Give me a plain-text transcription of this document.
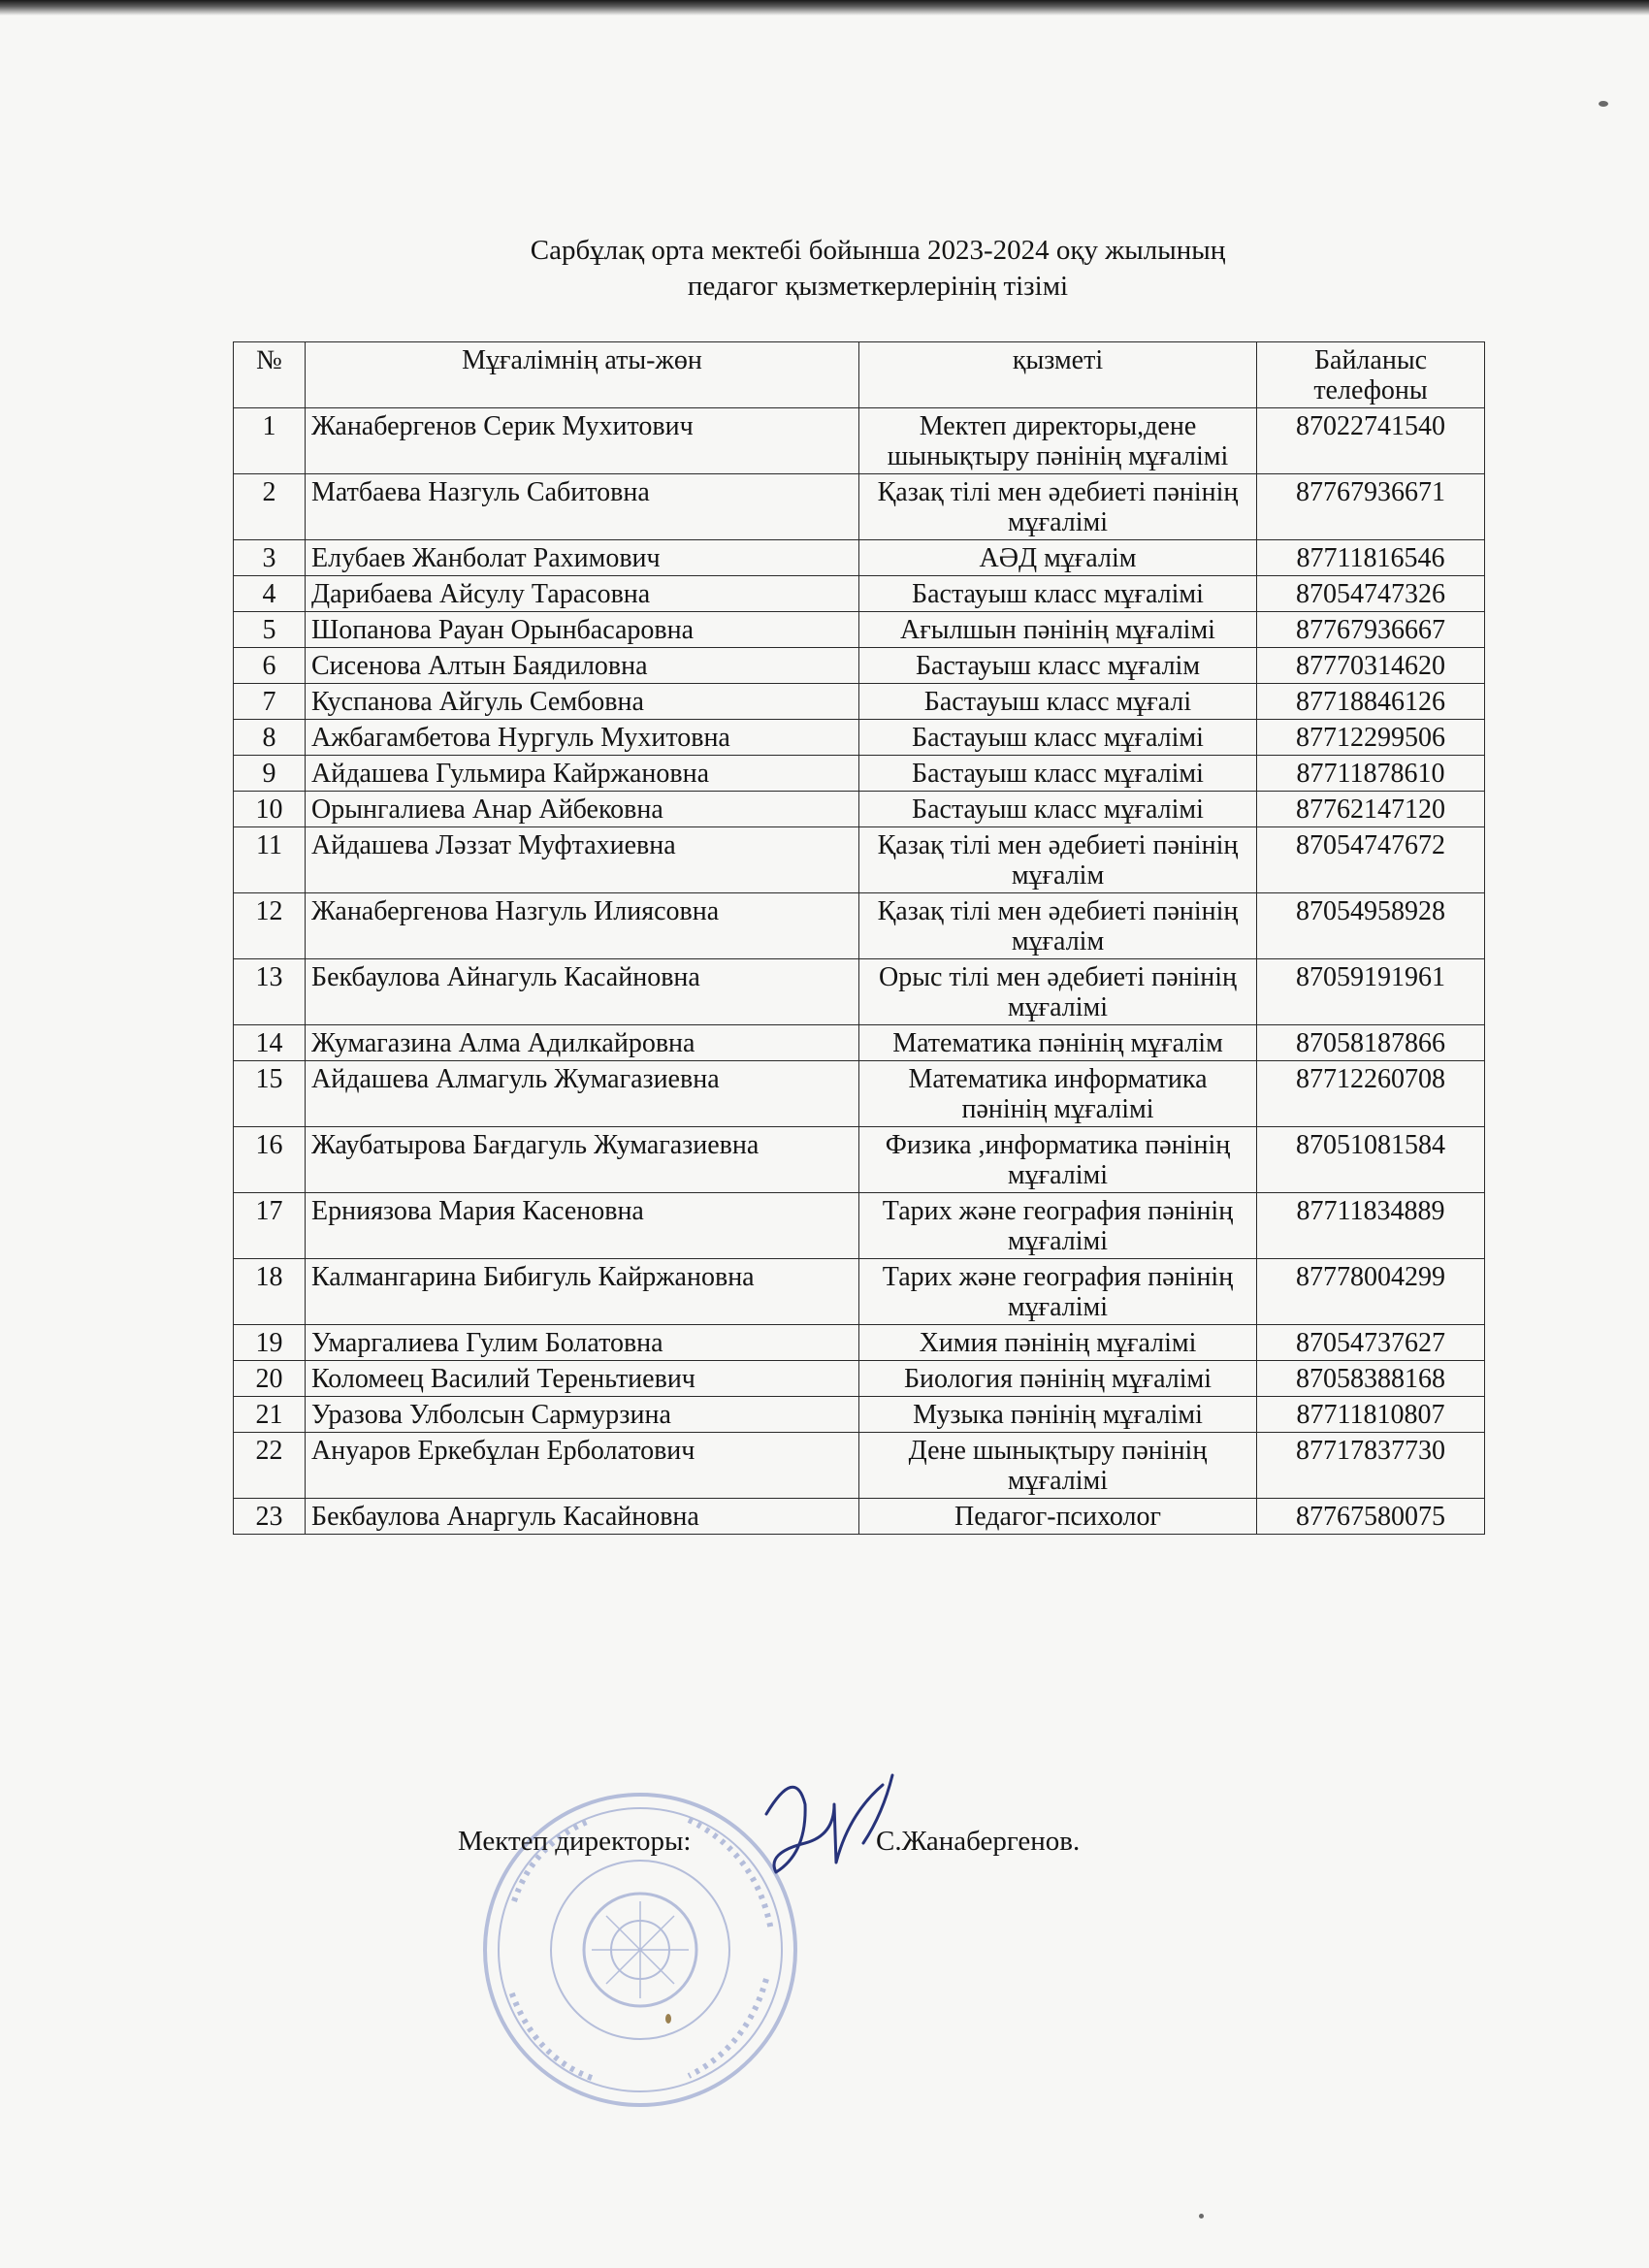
Сарбұлақ орта мектебі бойынша 2023-2024 оқу жылының
педагог қызметкерлерінің тізімі
№	Мұғалімнің аты-жөн	қызметі	Байланыс телефоны
1	Жанабергенов Серик Мухитович	Мектеп директоры,дене шынықтыру пәнінің мұғалімі	87022741540
2	Матбаева Назгуль Сабитовна	Қазақ тілі мен әдебиеті пәнінің мұғалімі	87767936671
3	Елубаев Жанболат Рахимович	АӘД мұғалім	87711816546
4	Дарибаева Айсулу Тарасовна	Бастауыш класс мұғалімі	87054747326
5	Шопанова Рауан Орынбасаровна	Ағылшын пәнінің мұғалімі	87767936667
6	Сисенова Алтын Баядиловна	Бастауыш класс мұғалім	87770314620
7	Куспанова Айгуль Сембовна	Бастауыш класс мұғалі	87718846126
8	Ажбагамбетова Нургуль Мухитовна	Бастауыш класс мұғалімі	87712299506
9	Айдашева Гульмира Кайржановна	Бастауыш класс мұғалімі	87711878610
10	Орынгалиева Анар Айбековна	Бастауыш класс мұғалімі	87762147120
11	Айдашева Ләззат Муфтахиевна	Қазақ тілі мен әдебиеті пәнінің мұғалім	87054747672
12	Жанабергенова Назгуль Илиясовна	Қазақ тілі мен әдебиеті пәнінің мұғалім	87054958928
13	Бекбаулова Айнагуль Касайновна	Орыс тілі мен әдебиеті пәнінің мұғалімі	87059191961
14	Жумагазина Алма Адилкайровна	Математика пәнінің мұғалім	87058187866
15	Айдашева Алмагуль Жумагазиевна	Математика информатика пәнінің мұғалімі	87712260708
16	Жаубатырова Бағдагуль Жумагазиевна	Физика ,информатика пәнінің мұғалімі	87051081584
17	Ерниязова Мария Касеновна	Тарих және география пәнінің мұғалімі	87711834889
18	Калмангарина Бибигуль Кайржановна	Тарих және география пәнінің мұғалімі	87778004299
19	Умаргалиева Гулим Болатовна	Химия пәнінің мұғалімі	87054737627
20	Коломеец Василий Тереньтиевич	Биология пәнінің мұғалімі	87058388168
21	Уразова Улболсын Сармурзина	Музыка пәнінің мұғалімі	87711810807
22	Ануаров Еркебұлан Ерболатович	Дене шынықтыру пәнінің мұғалімі	87717837730
23	Бекбаулова Анаргуль Касайновна	Педагог-психолог	87767580075
Мектеп директоры:	С.Жанабергенов.
